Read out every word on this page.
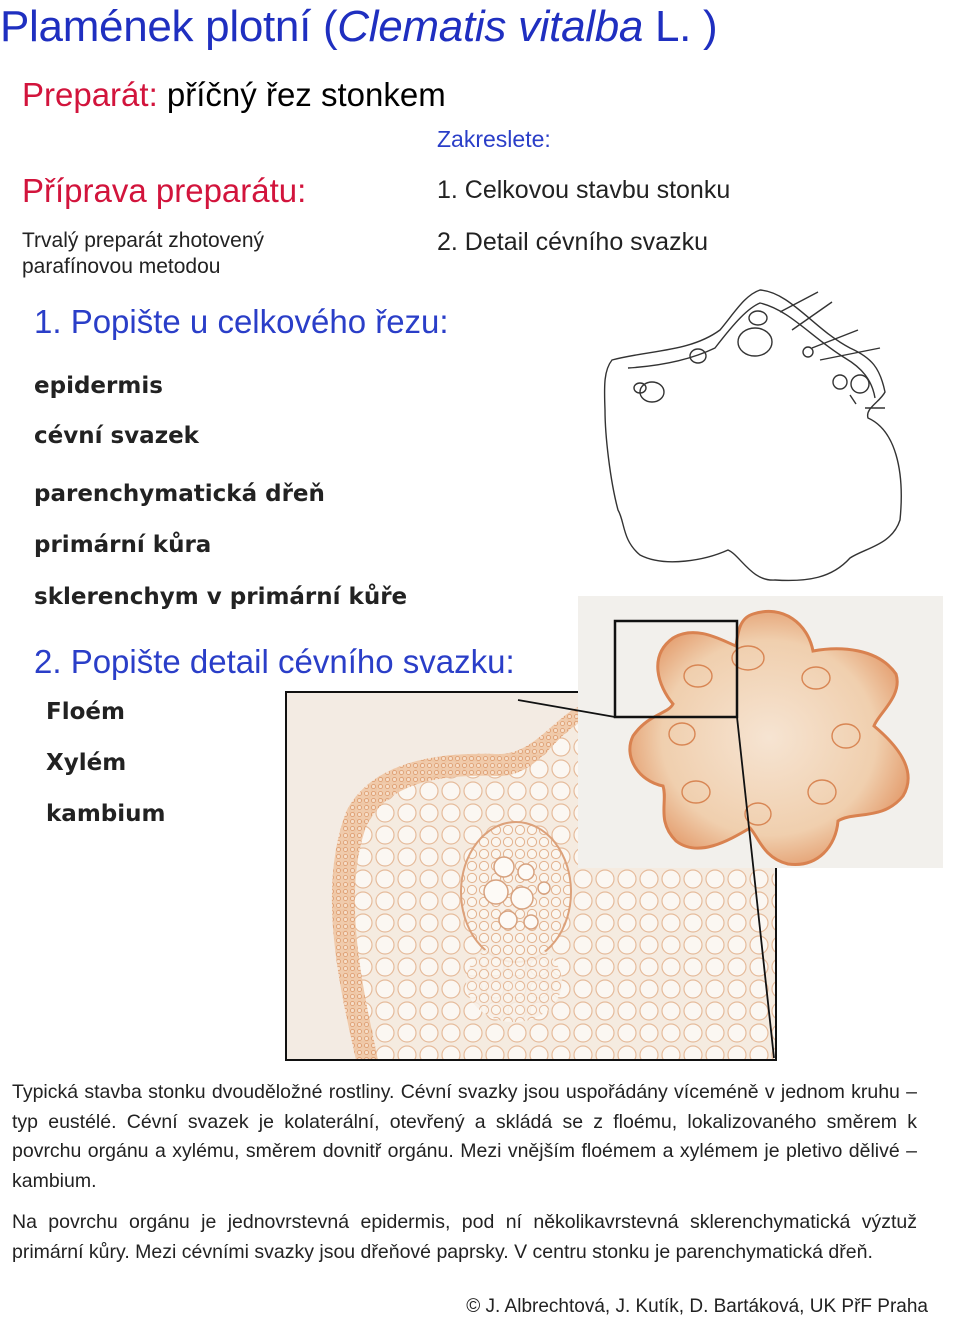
Plamének plotní (Clematis vitalba L. )
Preparát: příčný řez stonkem
Zakreslete:
1. Celkovou stavbu stonku
2. Detail cévního svazku
Příprava preparátu:
Trvalý preparát zhotovený
parafínovou metodou
1. Popište u celkového řezu:
epidermis
cévní svazek
parenchymatická dřeň
primární kůra
sklerenchym v primární kůře
2. Popište detail cévního svazku:
Floém
Xylém
kambium
Typická stavba stonku dvouděložné rostliny. Cévní svazky jsou uspořádány víceméně v jednom kruhu – typ eustélé. Cévní svazek je kolaterální, otevřený a skládá se z floému, lokalizovaného směrem k povrchu orgánu a xylému, směrem dovnitř orgánu. Mezi vnějším floémem a xylémem je pletivo dělivé – kambium.
Na povrchu orgánu je jednovrstevná epidermis, pod ní několikavrstevná sklerenchymatická výztuž primární kůry. Mezi cévními svazky jsou dřeňové paprsky. V centru stonku je parenchymatická dřeň.
© J. Albrechtová, J. Kutík, D. Bartáková, UK PřF Praha
